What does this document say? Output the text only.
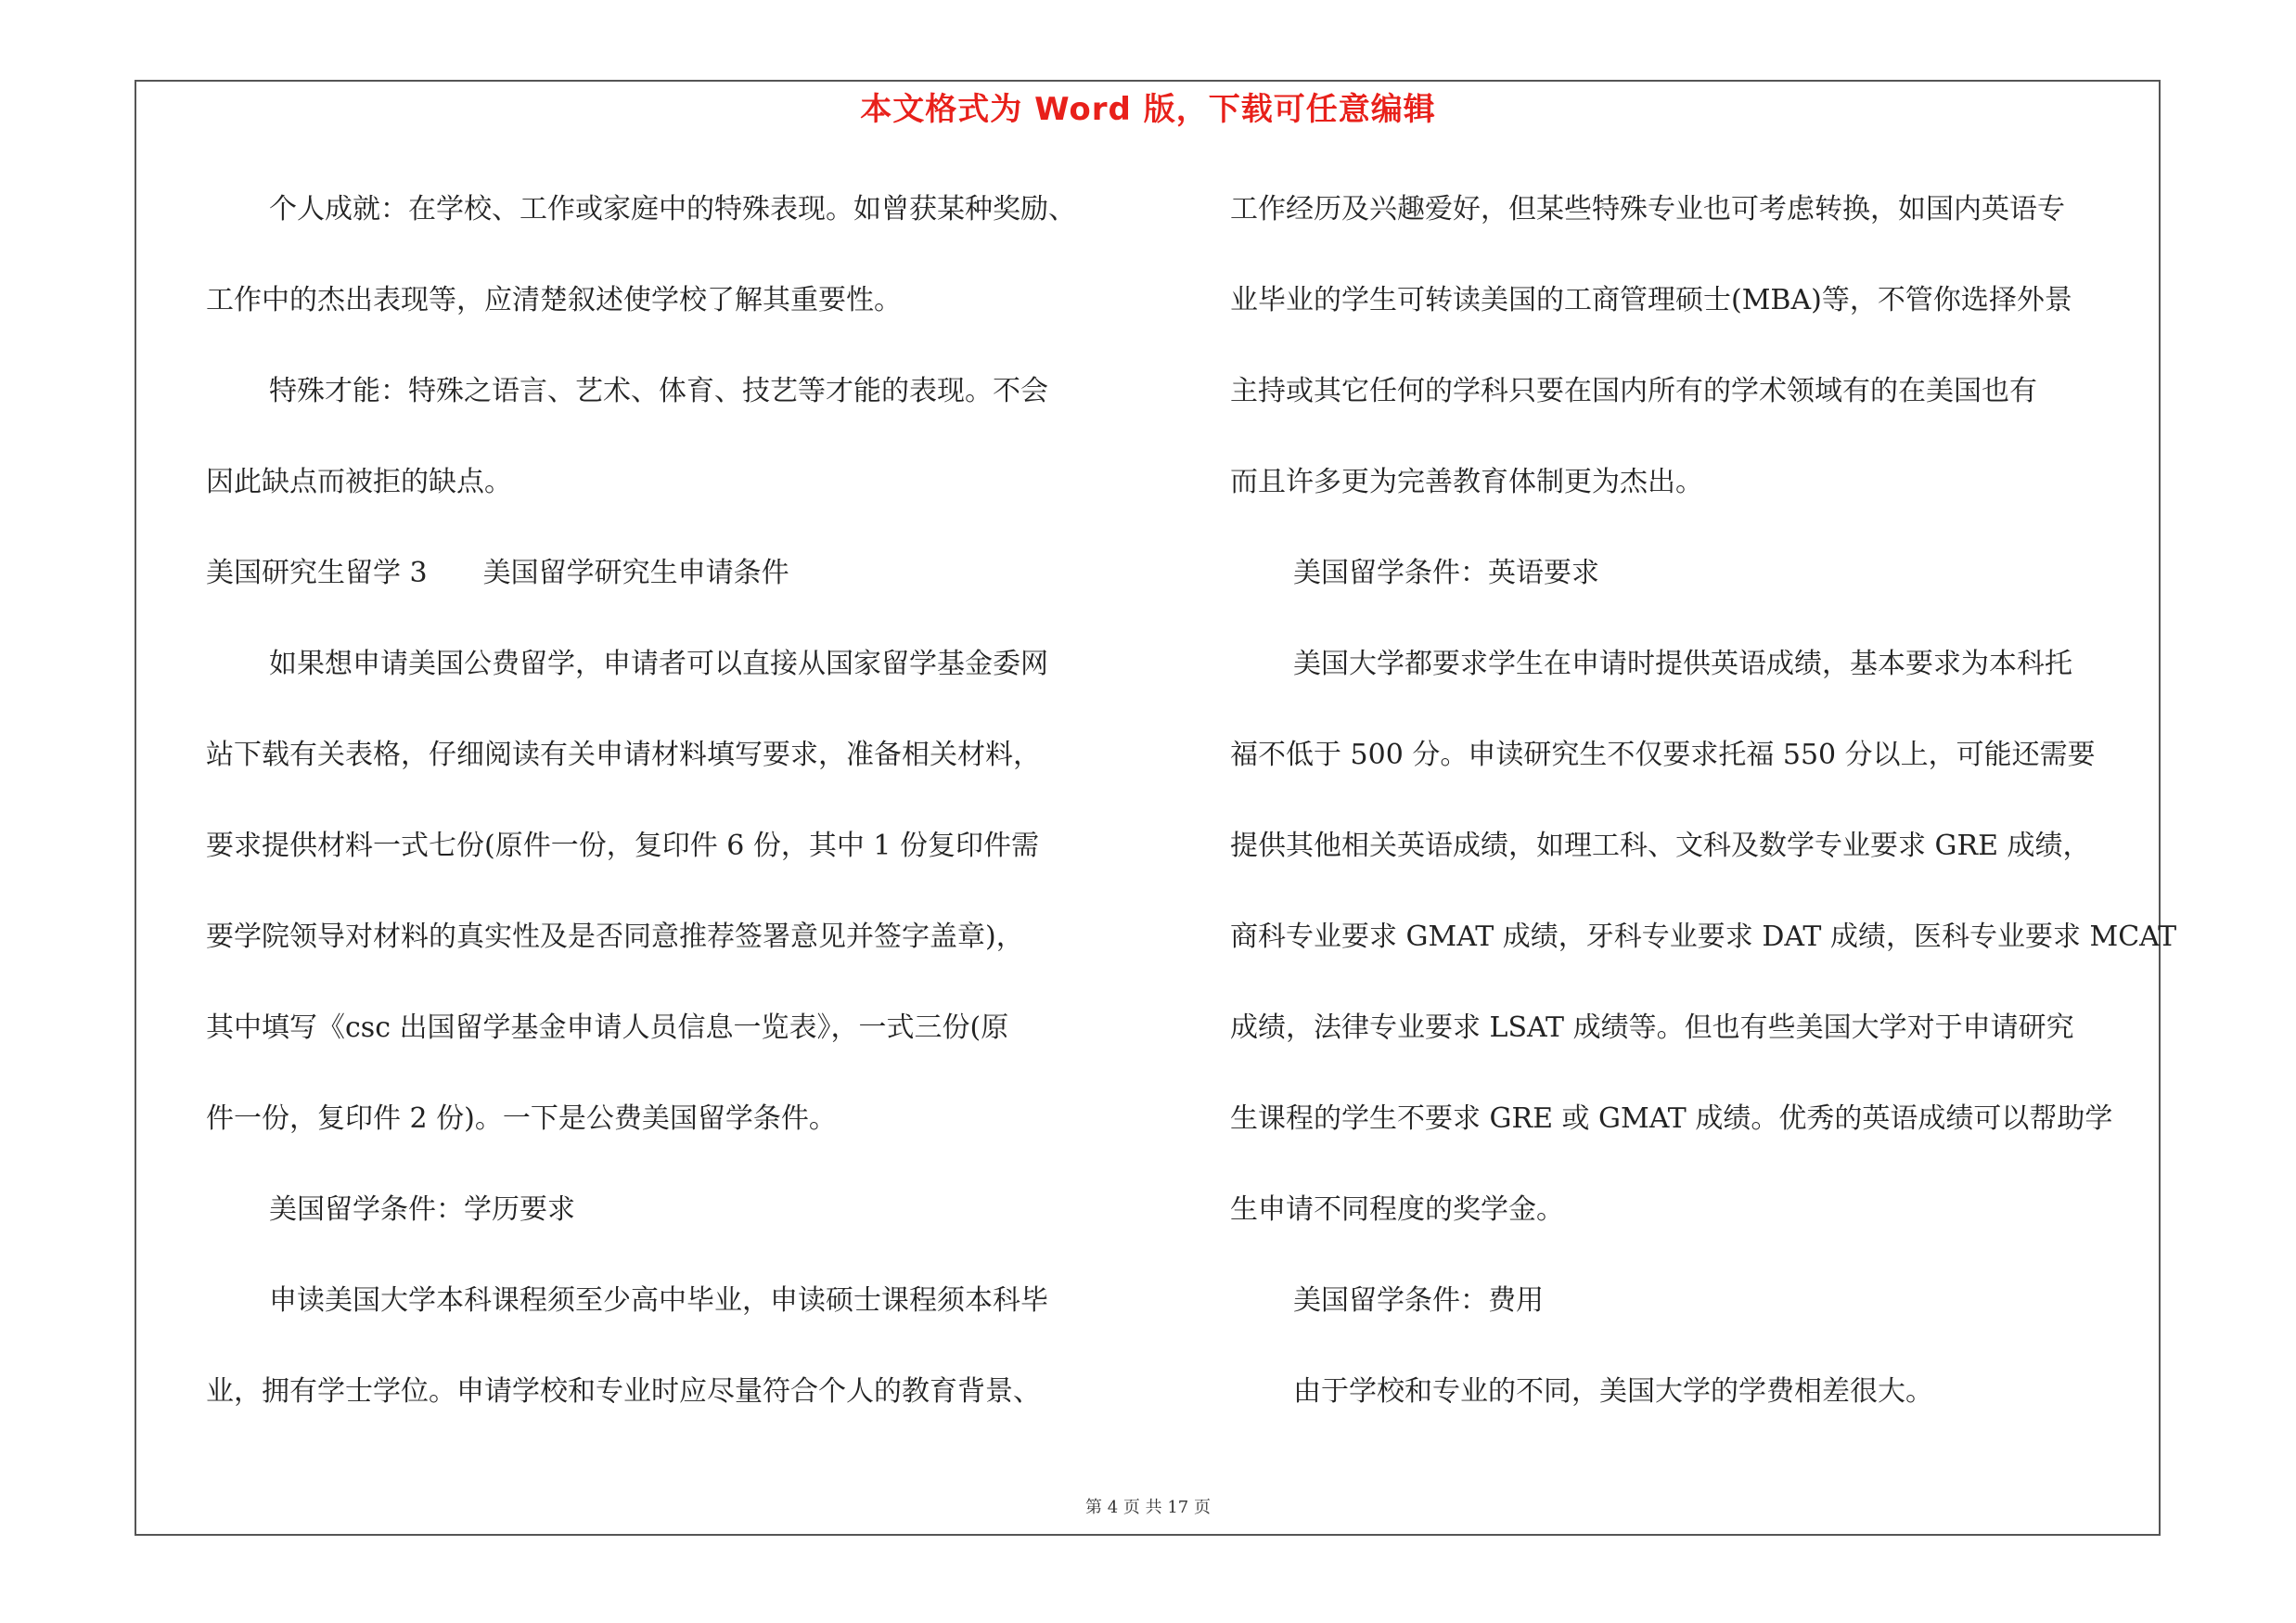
本文格式为 Word 版，下载可任意编辑
个人成就：在学校、工作或家庭中的特殊表现。如曾获某种奖励、
工作中的杰出表现等，应清楚叙述使学校了解其重要性。
特殊才能：特殊之语言、艺术、体育、技艺等才能的表现。不会
因此缺点而被拒的缺点。
美国研究生留学 3　　美国留学研究生申请条件
如果想申请美国公费留学，申请者可以直接从国家留学基金委网
站下载有关表格，仔细阅读有关申请材料填写要求，准备相关材料，
要求提供材料一式七份(原件一份，复印件 6 份，其中 1 份复印件需
要学院领导对材料的真实性及是否同意推荐签署意见并签字盖章)，
其中填写《csc 出国留学基金申请人员信息一览表》，一式三份(原
件一份，复印件 2 份)。一下是公费美国留学条件。
美国留学条件：学历要求
申读美国大学本科课程须至少高中毕业，申读硕士课程须本科毕
业，拥有学士学位。申请学校和专业时应尽量符合个人的教育背景、
工作经历及兴趣爱好，但某些特殊专业也可考虑转换，如国内英语专
业毕业的学生可转读美国的工商管理硕士(MBA)等，不管你选择外景
主持或其它任何的学科只要在国内所有的学术领域有的在美国也有
而且许多更为完善教育体制更为杰出。
美国留学条件：英语要求
美国大学都要求学生在申请时提供英语成绩，基本要求为本科托
福不低于 500 分。申读研究生不仅要求托福 550 分以上，可能还需要
提供其他相关英语成绩，如理工科、文科及数学专业要求 GRE 成绩，
商科专业要求 GMAT 成绩，牙科专业要求 DAT 成绩，医科专业要求 MCAT
成绩，法律专业要求 LSAT 成绩等。但也有些美国大学对于申请研究
生课程的学生不要求 GRE 或 GMAT 成绩。优秀的英语成绩可以帮助学
生申请不同程度的奖学金。
美国留学条件：费用
由于学校和专业的不同，美国大学的学费相差很大。
第 4 页 共 17 页
